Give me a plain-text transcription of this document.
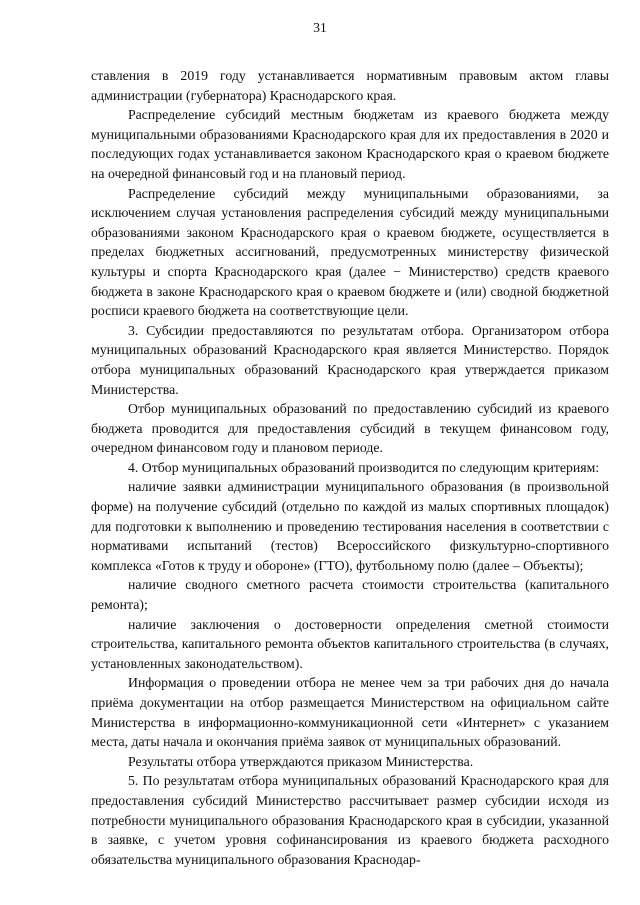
31

ставления в 2019 году устанавливается нормативным правовым актом главы администрации (губернатора) Краснодарского края.

Распределение субсидий местным бюджетам из краевого бюджета между муниципальными образованиями Краснодарского края для их предоставления в 2020 и последующих годах устанавливается законом Краснодарского края о краевом бюджете на очередной финансовый год и на плановый период.

Распределение субсидий между муниципальными образованиями, за исключением случая установления распределения субсидий между муниципальными образованиями законом Краснодарского края о краевом бюджете, осуществляется в пределах бюджетных ассигнований, предусмотренных министерству физической культуры и спорта Краснодарского края (далее − Министерство) средств краевого бюджета в законе Краснодарского края о краевом бюджете и (или) сводной бюджетной росписи краевого бюджета на соответствующие цели.

3. Субсидии предоставляются по результатам отбора. Организатором отбора муниципальных образований Краснодарского края является Министерство. Порядок отбора муниципальных образований Краснодарского края утверждается приказом Министерства.

Отбор муниципальных образований по предоставлению субсидий из краевого бюджета проводится для предоставления субсидий в текущем финансовом году, очередном финансовом году и плановом периоде.

4. Отбор муниципальных образований производится по следующим критериям:

наличие заявки администрации муниципального образования (в произвольной форме) на получение субсидий (отдельно по каждой из малых спортивных площадок) для подготовки к выполнению и проведению тестирования населения в соответствии с нормативами испытаний (тестов) Всероссийского физкультурно-спортивного комплекса «Готов к труду и обороне» (ГТО), футбольному полю (далее – Объекты);

наличие сводного сметного расчета стоимости строительства (капитального ремонта);

наличие заключения о достоверности определения сметной стоимости строительства, капитального ремонта объектов капитального строительства (в случаях, установленных законодательством).

Информация о проведении отбора не менее чем за три рабочих дня до начала приёма документации на отбор размещается Министерством на официальном сайте Министерства в информационно-коммуникационной сети «Интернет» с указанием места, даты начала и окончания приёма заявок от муниципальных образований.

Результаты отбора утверждаются приказом Министерства.

5. По результатам отбора муниципальных образований Краснодарского края для предоставления субсидий Министерство рассчитывает размер субсидии исходя из потребности муниципального образования Краснодарского края в субсидии, указанной в заявке, с учетом уровня софинансирования из краевого бюджета расходного обязательства муниципального образования Краснодар-
